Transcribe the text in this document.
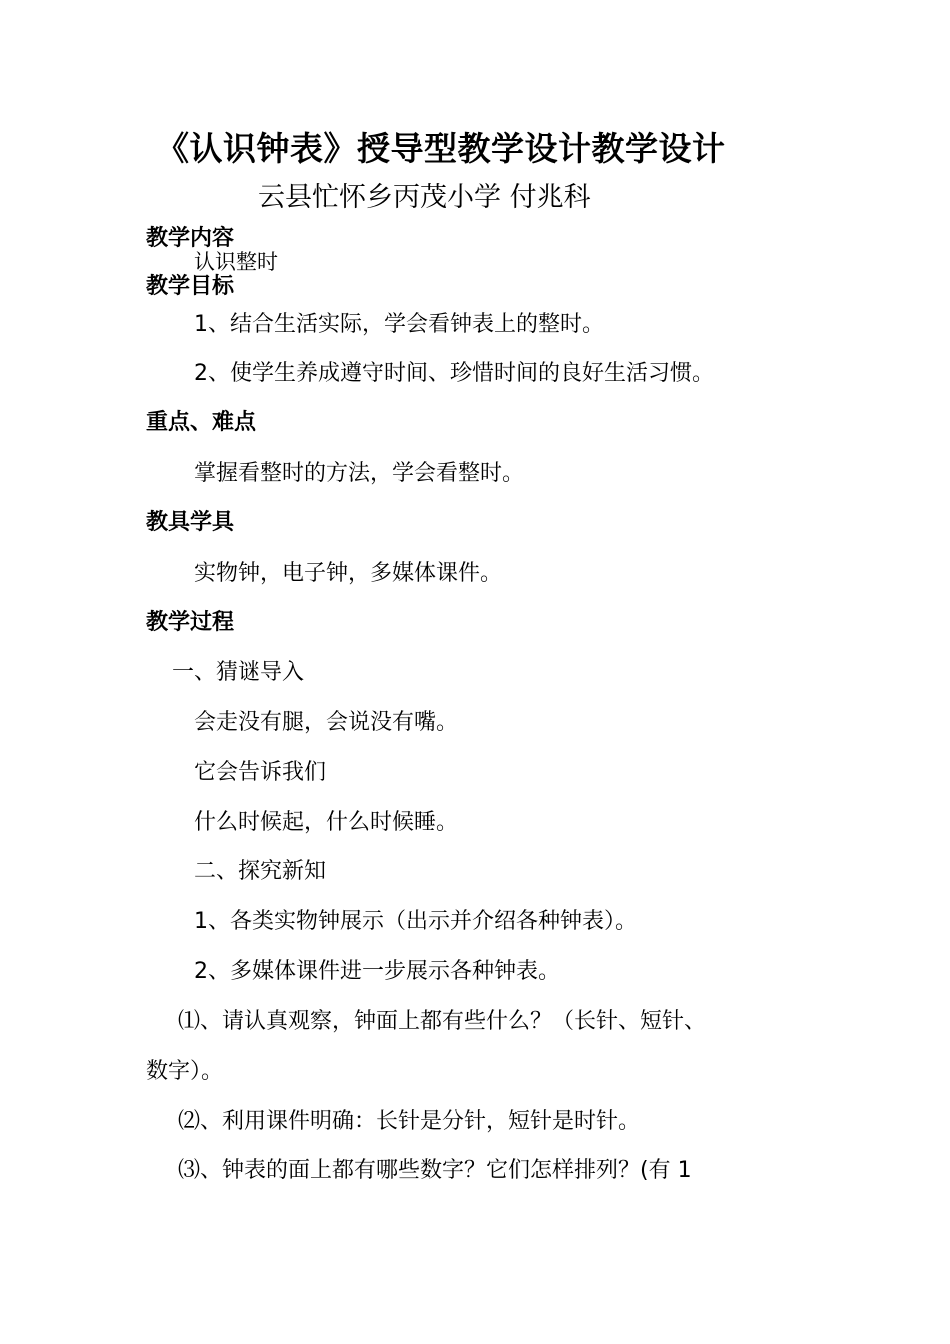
《认识钟表》授导型教学设计教学设计
云县忙怀乡丙茂小学 付兆科
教学内容
认识整时
教学目标
1、结合生活实际，学会看钟表上的整时。
2、使学生养成遵守时间、珍惜时间的良好生活习惯。
重点、难点
掌握看整时的方法，学会看整时。
教具学具
实物钟，电子钟，多媒体课件。
教学过程
一、猜谜导入
会走没有腿，会说没有嘴。
它会告诉我们
什么时候起，什么时候睡。
二、探究新知
1、各类实物钟展示（出示并介绍各种钟表）。
2、多媒体课件进一步展示各种钟表。
⑴、请认真观察，钟面上都有些什么？（长针、短针、
数字）。
⑵、利用课件明确：长针是分针，短针是时针。
⑶、钟表的面上都有哪些数字？它们怎样排列？(有 1
